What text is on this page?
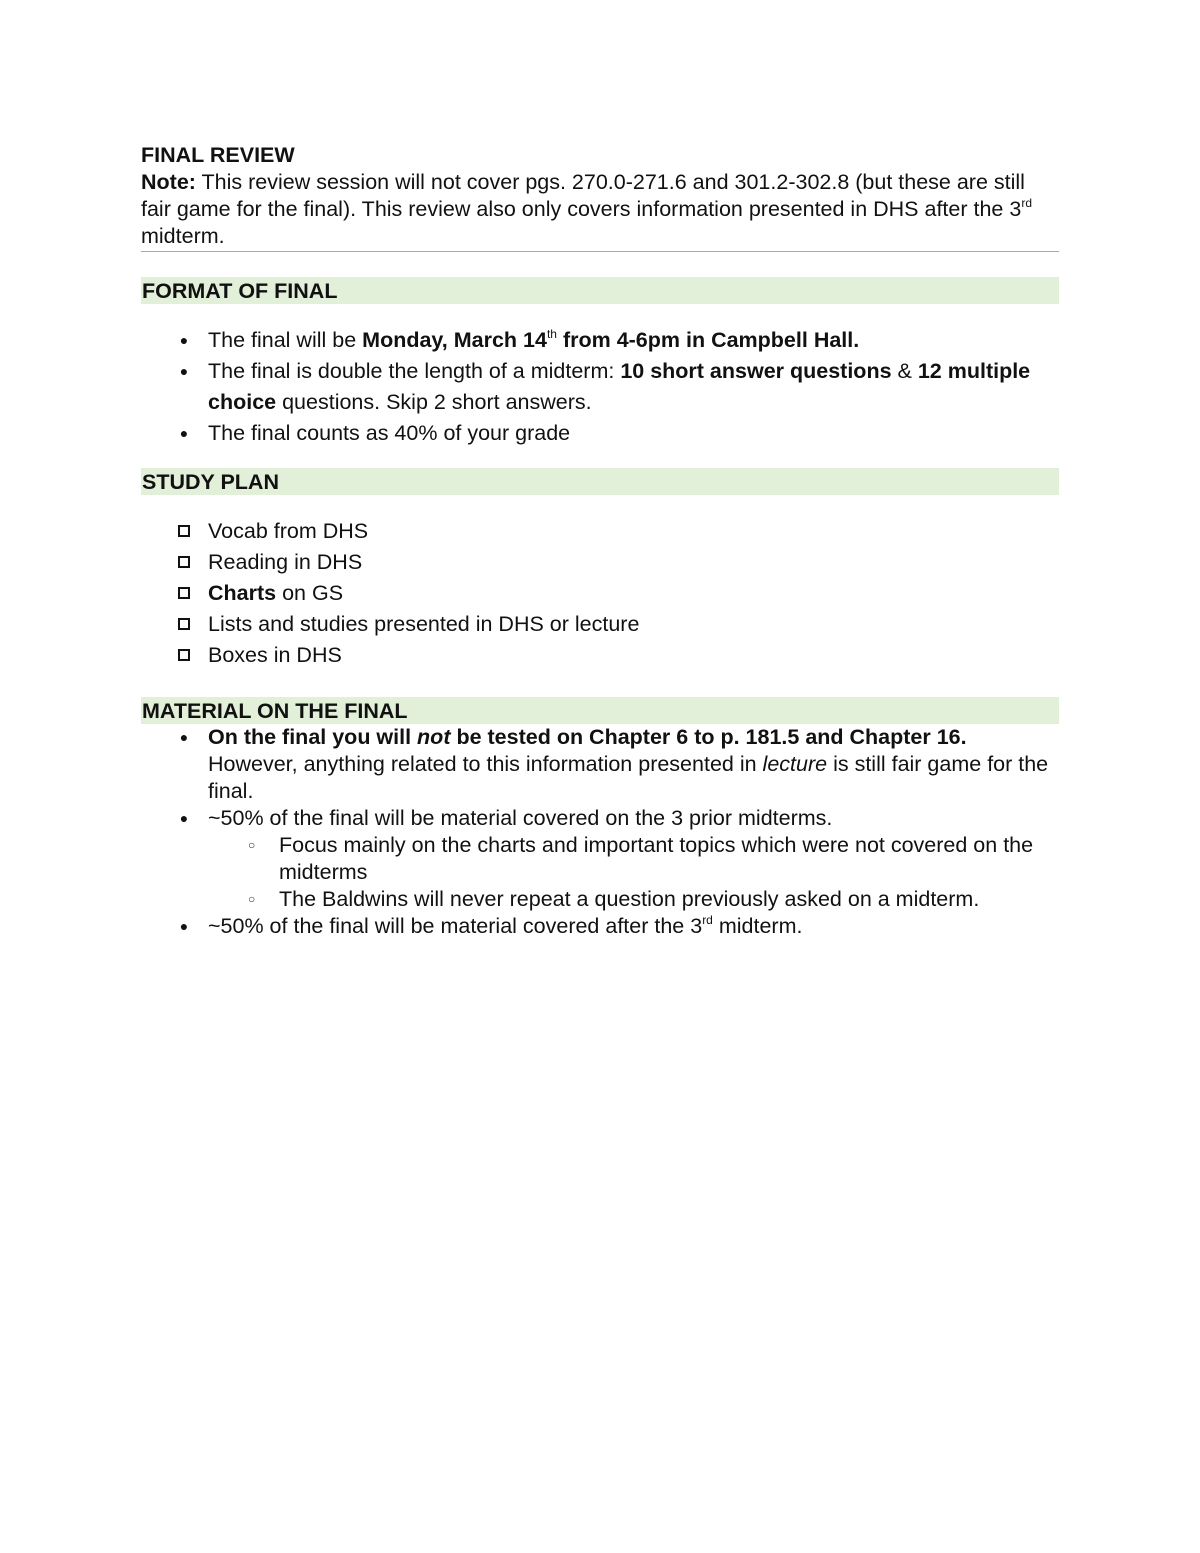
FINAL REVIEW
Note: This review session will not cover pgs. 270.0-271.6 and 301.2-302.8 (but these are still fair game for the final). This review also only covers information presented in DHS after the 3rd midterm.
FORMAT OF FINAL
● The final will be Monday, March 14th from 4-6pm in Campbell Hall.
● The final is double the length of a midterm: 10 short answer questions & 12 multiple choice questions. Skip 2 short answers.
● The final counts as 40% of your grade
STUDY PLAN
Vocab from DHS
Reading in DHS
Charts on GS
Lists and studies presented in DHS or lecture
Boxes in DHS
MATERIAL ON THE FINAL
● On the final you will not be tested on Chapter 6 to p. 181.5 and Chapter 16. However, anything related to this information presented in lecture is still fair game for the final.
● ~50% of the final will be material covered on the 3 prior midterms.
○ Focus mainly on the charts and important topics which were not covered on the midterms
○ The Baldwins will never repeat a question previously asked on a midterm.
● ~50% of the final will be material covered after the 3rd midterm.
